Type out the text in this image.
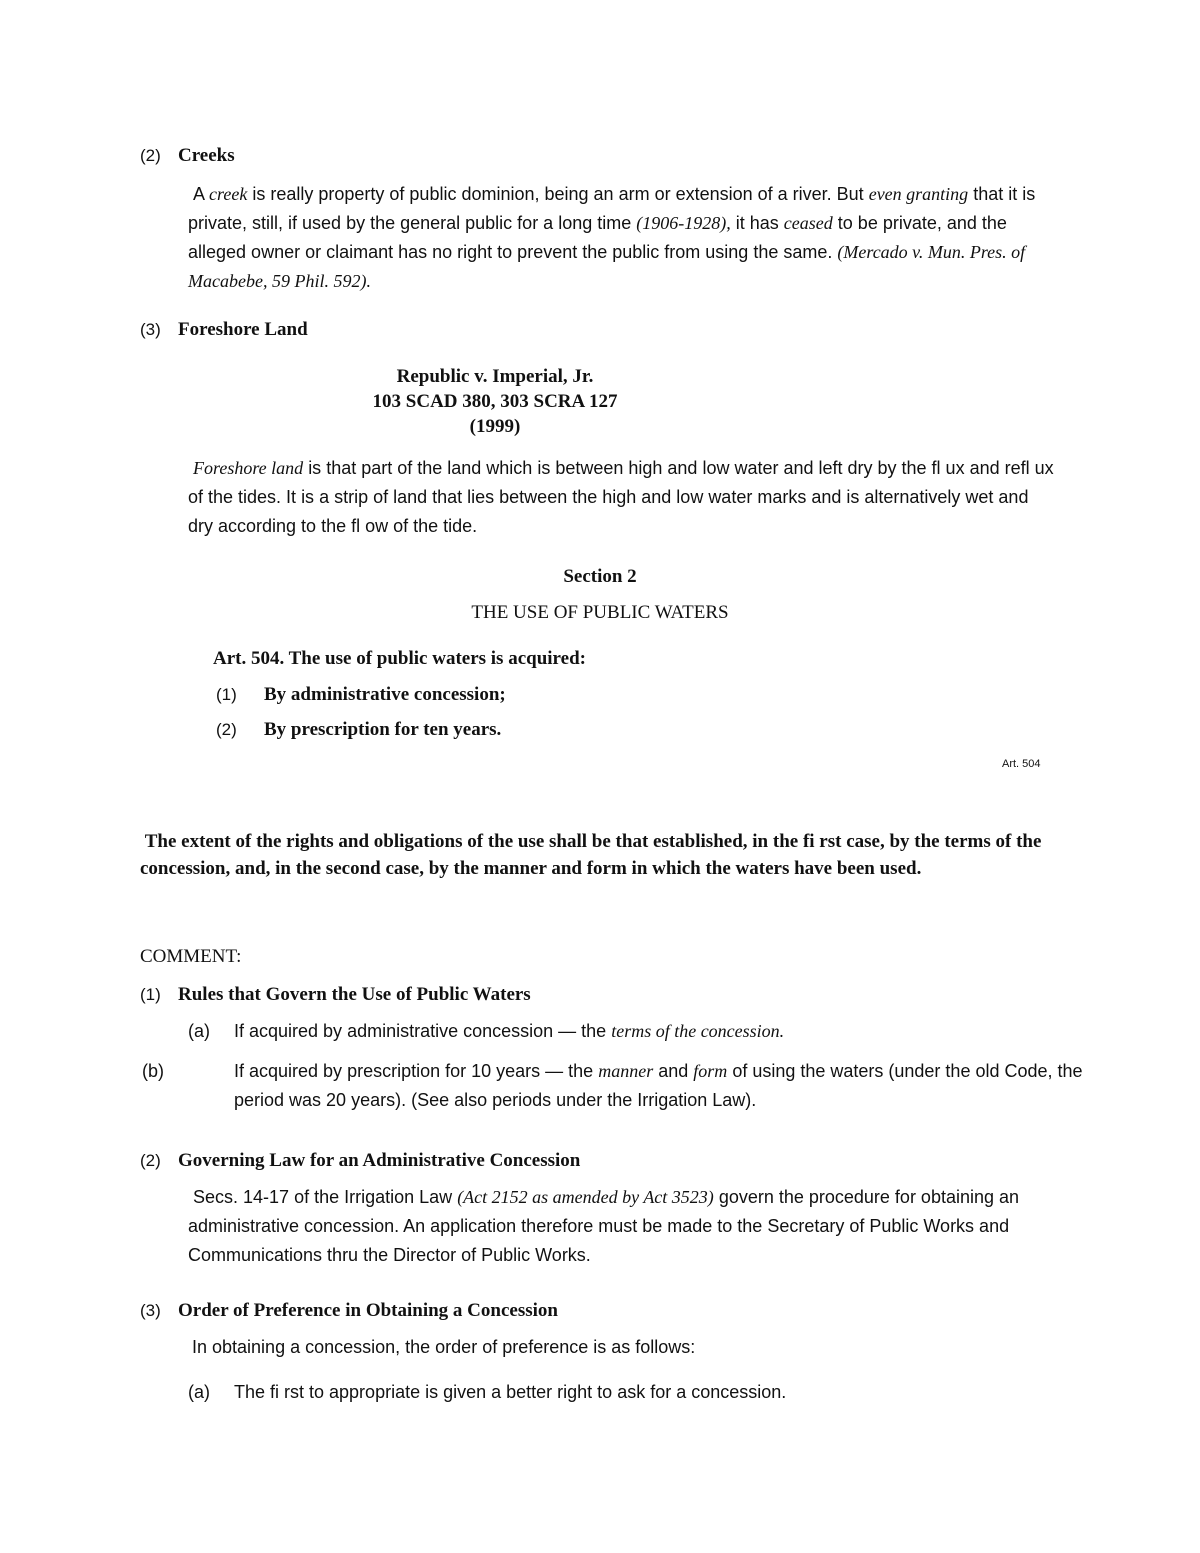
(2) Creeks
A creek is really property of public dominion, being an arm or extension of a river. But even granting that it is private, still, if used by the general public for a long time (1906-1928), it has ceased to be private, and the alleged owner or claimant has no right to prevent the public from using the same. (Mercado v. Mun. Pres. of Macabebe, 59 Phil. 592).
(3) Foreshore Land
Republic v. Imperial, Jr.
103 SCAD 380, 303 SCRA 127
(1999)
Foreshore land is that part of the land which is between high and low water and left dry by the fl ux and refl ux of the tides. It is a strip of land that lies between the high and low water marks and is alternatively wet and dry according to the fl ow of the tide.
Section 2
THE USE OF PUBLIC WATERS
Art. 504. The use of public waters is acquired:
(1) By administrative concession;
(2) By prescription for ten years.
Art. 504
The extent of the rights and obligations of the use shall be that established, in the fi rst case, by the terms of the concession, and, in the second case, by the manner and form in which the waters have been used.
COMMENT:
(1) Rules that Govern the Use of Public Waters
(a) If acquired by administrative concession — the terms of the concession.
(b)	If acquired by prescription for 10 years — the manner and form of using the waters (under the old Code, the period was 20 years). (See also periods under the Irrigation Law).
(2) Governing Law for an Administrative Concession
Secs. 14-17 of the Irrigation Law (Act 2152 as amended by Act 3523) govern the procedure for obtaining an administrative concession. An application therefore must be made to the Secretary of Public Works and Communications thru the Director of Public Works.
(3) Order of Preference in Obtaining a Concession
In obtaining a concession, the order of preference is as follows:
(a) The fi rst to appropriate is given a better right to ask for a concession.
